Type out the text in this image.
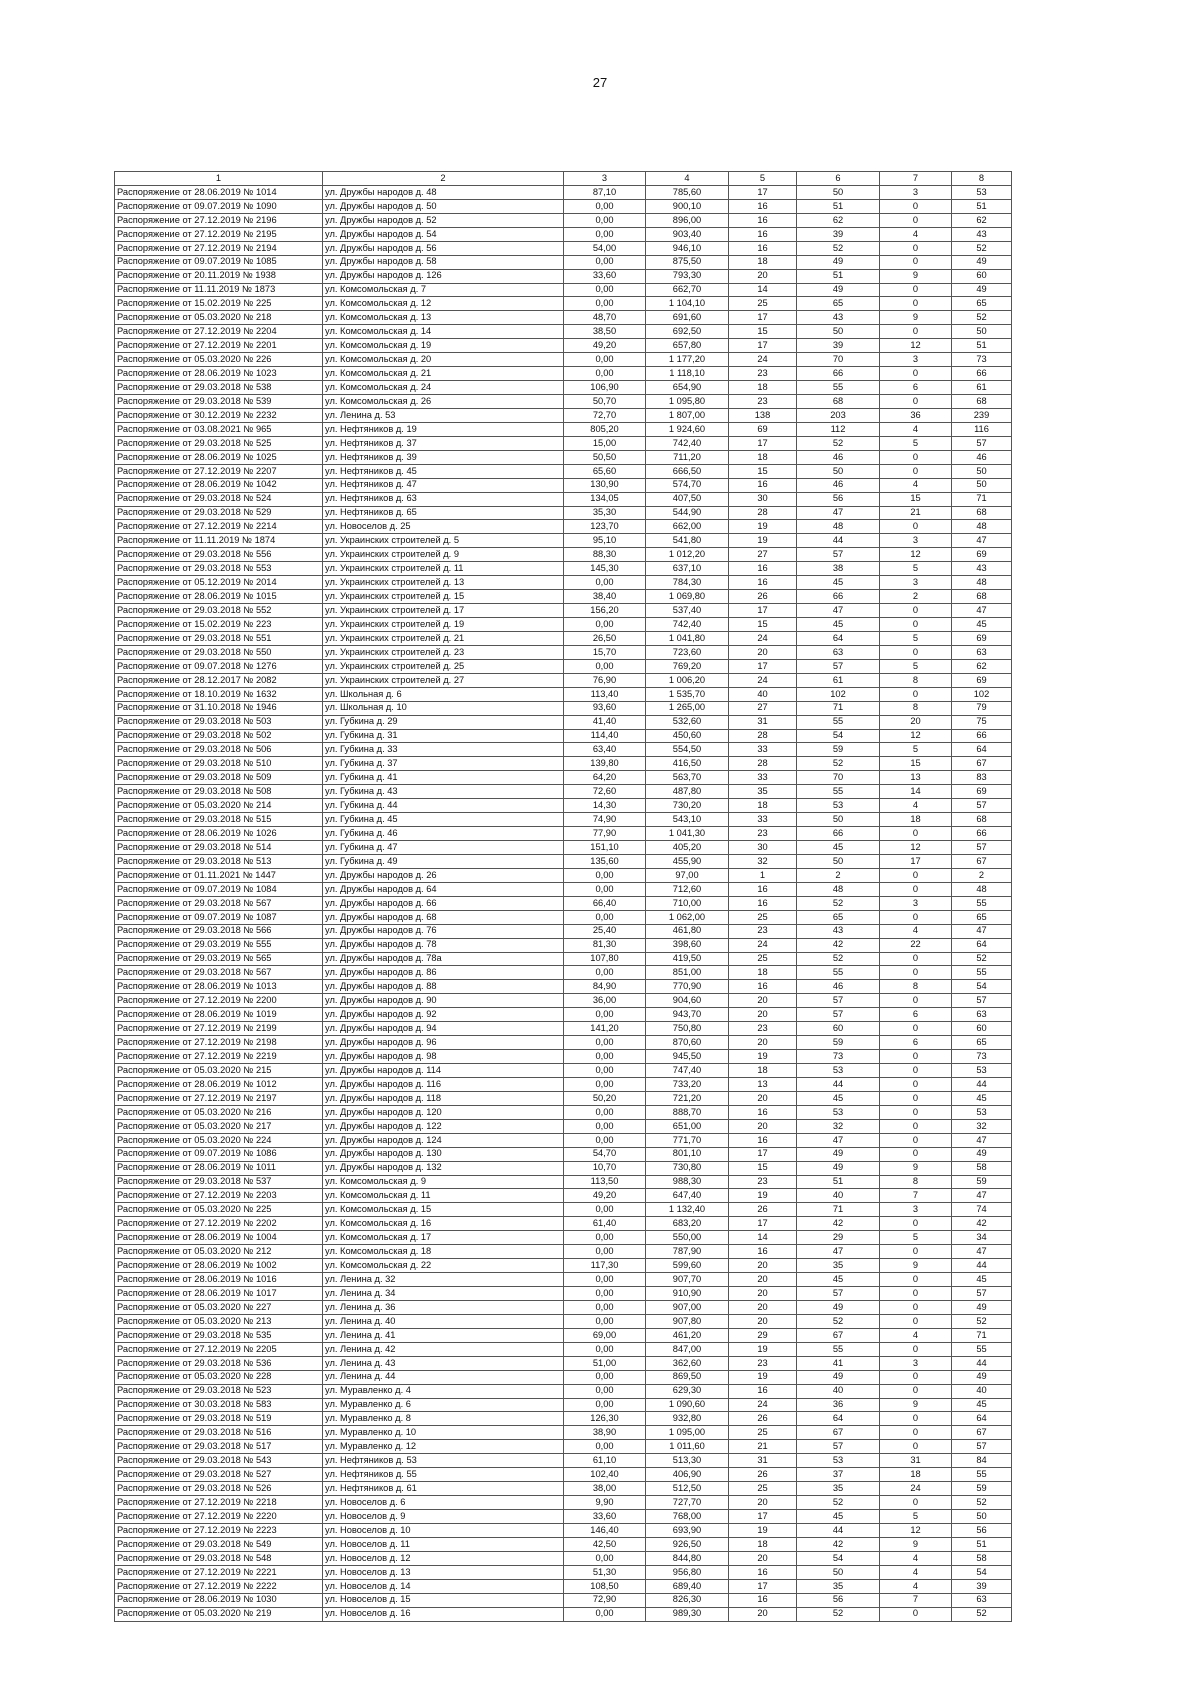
27
1	2	3	4	5	6	7	8
Распоряжение от 28.06.2019 № 1014	ул. Дружбы народов д. 48	87,10	785,60	17	50	3	53
Распоряжение от 09.07.2019 № 1090	ул. Дружбы народов д. 50	0,00	900,10	16	51	0	51
Распоряжение от 27.12.2019 № 2196	ул. Дружбы народов д. 52	0,00	896,00	16	62	0	62
Распоряжение от 27.12.2019 № 2195	ул. Дружбы народов д. 54	0,00	903,40	16	39	4	43
Распоряжение от 27.12.2019 № 2194	ул. Дружбы народов д. 56	54,00	946,10	16	52	0	52
Распоряжение от 09.07.2019 № 1085	ул. Дружбы народов д. 58	0,00	875,50	18	49	0	49
Распоряжение от 20.11.2019 № 1938	ул. Дружбы народов д. 126	33,60	793,30	20	51	9	60
Распоряжение от 11.11.2019 № 1873	ул. Комсомольская д. 7	0,00	662,70	14	49	0	49
Распоряжение от 15.02.2019 № 225	ул. Комсомольская д. 12	0,00	1 104,10	25	65	0	65
Распоряжение от 05.03.2020 № 218	ул. Комсомольская д. 13	48,70	691,60	17	43	9	52
Распоряжение от 27.12.2019 № 2204	ул. Комсомольская д. 14	38,50	692,50	15	50	0	50
Распоряжение от 27.12.2019 № 2201	ул. Комсомольская д. 19	49,20	657,80	17	39	12	51
Распоряжение от 05.03.2020 № 226	ул. Комсомольская д. 20	0,00	1 177,20	24	70	3	73
Распоряжение от 28.06.2019 № 1023	ул. Комсомольская д. 21	0,00	1 118,10	23	66	0	66
Распоряжение от 29.03.2018 № 538	ул. Комсомольская д. 24	106,90	654,90	18	55	6	61
Распоряжение от 29.03.2018 № 539	ул. Комсомольская д. 26	50,70	1 095,80	23	68	0	68
Распоряжение от 30.12.2019 № 2232	ул. Ленина д. 53	72,70	1 807,00	138	203	36	239
Распоряжение от 03.08.2021 № 965	ул. Нефтяников д. 19	805,20	1 924,60	69	112	4	116
Распоряжение от 29.03.2018 № 525	ул. Нефтяников д. 37	15,00	742,40	17	52	5	57
Распоряжение от 28.06.2019 № 1025	ул. Нефтяников д. 39	50,50	711,20	18	46	0	46
Распоряжение от 27.12.2019 № 2207	ул. Нефтяников д. 45	65,60	666,50	15	50	0	50
Распоряжение от 28.06.2019 № 1042	ул. Нефтяников д. 47	130,90	574,70	16	46	4	50
Распоряжение от 29.03.2018 № 524	ул. Нефтяников д. 63	134,05	407,50	30	56	15	71
Распоряжение от 29.03.2018 № 529	ул. Нефтяников д. 65	35,30	544,90	28	47	21	68
Распоряжение от 27.12.2019 № 2214	ул. Новоселов д. 25	123,70	662,00	19	48	0	48
Распоряжение от 11.11.2019 № 1874	ул. Украинских строителей д. 5	95,10	541,80	19	44	3	47
Распоряжение от 29.03.2018 № 556	ул. Украинских строителей д. 9	88,30	1 012,20	27	57	12	69
Распоряжение от 29.03.2018 № 553	ул. Украинских строителей д. 11	145,30	637,10	16	38	5	43
Распоряжение от 05.12.2019 № 2014	ул. Украинских строителей д. 13	0,00	784,30	16	45	3	48
Распоряжение от 28.06.2019 № 1015	ул. Украинских строителей д. 15	38,40	1 069,80	26	66	2	68
Распоряжение от 29.03.2018 № 552	ул. Украинских строителей д. 17	156,20	537,40	17	47	0	47
Распоряжение от 15.02.2019 № 223	ул. Украинских строителей д. 19	0,00	742,40	15	45	0	45
Распоряжение от 29.03.2018 № 551	ул. Украинских строителей д. 21	26,50	1 041,80	24	64	5	69
Распоряжение от 29.03.2018 № 550	ул. Украинских строителей д. 23	15,70	723,60	20	63	0	63
Распоряжение от 09.07.2018 № 1276	ул. Украинских строителей д. 25	0,00	769,20	17	57	5	62
Распоряжение от 28.12.2017 № 2082	ул. Украинских строителей д. 27	76,90	1 006,20	24	61	8	69
Распоряжение от 18.10.2019 № 1632	ул. Школьная д. 6	113,40	1 535,70	40	102	0	102
Распоряжение от 31.10.2018 № 1946	ул. Школьная д. 10	93,60	1 265,00	27	71	8	79
Распоряжение от 29.03.2018 № 503	ул. Губкина д. 29	41,40	532,60	31	55	20	75
Распоряжение от 29.03.2018 № 502	ул. Губкина д. 31	114,40	450,60	28	54	12	66
Распоряжение от 29.03.2018 № 506	ул. Губкина д. 33	63,40	554,50	33	59	5	64
Распоряжение от 29.03.2018 № 510	ул. Губкина д. 37	139,80	416,50	28	52	15	67
Распоряжение от 29.03.2018 № 509	ул. Губкина д. 41	64,20	563,70	33	70	13	83
Распоряжение от 29.03.2018 № 508	ул. Губкина д. 43	72,60	487,80	35	55	14	69
Распоряжение от 05.03.2020 № 214	ул. Губкина д. 44	14,30	730,20	18	53	4	57
Распоряжение от 29.03.2018 № 515	ул. Губкина д. 45	74,90	543,10	33	50	18	68
Распоряжение от 28.06.2019 № 1026	ул. Губкина д. 46	77,90	1 041,30	23	66	0	66
Распоряжение от 29.03.2018 № 514	ул. Губкина д. 47	151,10	405,20	30	45	12	57
Распоряжение от 29.03.2018 № 513	ул. Губкина д. 49	135,60	455,90	32	50	17	67
Распоряжение от 01.11.2021 № 1447	ул. Дружбы народов д. 26	0,00	97,00	1	2	0	2
Распоряжение от 09.07.2019 № 1084	ул. Дружбы народов д. 64	0,00	712,60	16	48	0	48
Распоряжение от 29.03.2018 № 567	ул. Дружбы народов д. 66	66,40	710,00	16	52	3	55
Распоряжение от 09.07.2019 № 1087	ул. Дружбы народов д. 68	0,00	1 062,00	25	65	0	65
Распоряжение от 29.03.2018 № 566	ул. Дружбы народов д. 76	25,40	461,80	23	43	4	47
Распоряжение от 29.03.2019 № 555	ул. Дружбы народов д. 78	81,30	398,60	24	42	22	64
Распоряжение от 29.03.2019 № 565	ул. Дружбы народов д. 78а	107,80	419,50	25	52	0	52
Распоряжение от 29.03.2018 № 567	ул. Дружбы народов д. 86	0,00	851,00	18	55	0	55
Распоряжение от 28.06.2019 № 1013	ул. Дружбы народов д. 88	84,90	770,90	16	46	8	54
Распоряжение от 27.12.2019 № 2200	ул. Дружбы народов д. 90	36,00	904,60	20	57	0	57
Распоряжение от 28.06.2019 № 1019	ул. Дружбы народов д. 92	0,00	943,70	20	57	6	63
Распоряжение от 27.12.2019 № 2199	ул. Дружбы народов д. 94	141,20	750,80	23	60	0	60
Распоряжение от 27.12.2019 № 2198	ул. Дружбы народов д. 96	0,00	870,60	20	59	6	65
Распоряжение от 27.12.2019 № 2219	ул. Дружбы народов д. 98	0,00	945,50	19	73	0	73
Распоряжение от 05.03.2020 № 215	ул. Дружбы народов д. 114	0,00	747,40	18	53	0	53
Распоряжение от 28.06.2019 № 1012	ул. Дружбы народов д. 116	0,00	733,20	13	44	0	44
Распоряжение от 27.12.2019 № 2197	ул. Дружбы народов д. 118	50,20	721,20	20	45	0	45
Распоряжение от 05.03.2020 № 216	ул. Дружбы народов д. 120	0,00	888,70	16	53	0	53
Распоряжение от 05.03.2020 № 217	ул. Дружбы народов д. 122	0,00	651,00	20	32	0	32
Распоряжение от 05.03.2020 № 224	ул. Дружбы народов д. 124	0,00	771,70	16	47	0	47
Распоряжение от 09.07.2019 № 1086	ул. Дружбы народов д. 130	54,70	801,10	17	49	0	49
Распоряжение от 28.06.2019 № 1011	ул. Дружбы народов д. 132	10,70	730,80	15	49	9	58
Распоряжение от 29.03.2018 № 537	ул. Комсомольская д. 9	113,50	988,30	23	51	8	59
Распоряжение от 27.12.2019 № 2203	ул. Комсомольская д. 11	49,20	647,40	19	40	7	47
Распоряжение от 05.03.2020 № 225	ул. Комсомольская д. 15	0,00	1 132,40	26	71	3	74
Распоряжение от 27.12.2019 № 2202	ул. Комсомольская д. 16	61,40	683,20	17	42	0	42
Распоряжение от 28.06.2019 № 1004	ул. Комсомольская д. 17	0,00	550,00	14	29	5	34
Распоряжение от 05.03.2020 № 212	ул. Комсомольская д. 18	0,00	787,90	16	47	0	47
Распоряжение от 28.06.2019 № 1002	ул. Комсомольская д. 22	117,30	599,60	20	35	9	44
Распоряжение от 28.06.2019 № 1016	ул. Ленина д. 32	0,00	907,70	20	45	0	45
Распоряжение от 28.06.2019 № 1017	ул. Ленина д. 34	0,00	910,90	20	57	0	57
Распоряжение от 05.03.2020 № 227	ул. Ленина д. 36	0,00	907,00	20	49	0	49
Распоряжение от 05.03.2020 № 213	ул. Ленина д. 40	0,00	907,80	20	52	0	52
Распоряжение от 29.03.2018 № 535	ул. Ленина д. 41	69,00	461,20	29	67	4	71
Распоряжение от 27.12.2019 № 2205	ул. Ленина д. 42	0,00	847,00	19	55	0	55
Распоряжение от 29.03.2018 № 536	ул. Ленина д. 43	51,00	362,60	23	41	3	44
Распоряжение от 05.03.2020 № 228	ул. Ленина д. 44	0,00	869,50	19	49	0	49
Распоряжение от 29.03.2018 № 523	ул. Муравленко д. 4	0,00	629,30	16	40	0	40
Распоряжение от 30.03.2018 № 583	ул. Муравленко д. 6	0,00	1 090,60	24	36	9	45
Распоряжение от 29.03.2018 № 519	ул. Муравленко д. 8	126,30	932,80	26	64	0	64
Распоряжение от 29.03.2018 № 516	ул. Муравленко д. 10	38,90	1 095,00	25	67	0	67
Распоряжение от 29.03.2018 № 517	ул. Муравленко д. 12	0,00	1 011,60	21	57	0	57
Распоряжение от 29.03.2018 № 543	ул. Нефтяников д. 53	61,10	513,30	31	53	31	84
Распоряжение от 29.03.2018 № 527	ул. Нефтяников д. 55	102,40	406,90	26	37	18	55
Распоряжение от 29.03.2018 № 526	ул. Нефтяников д. 61	38,00	512,50	25	35	24	59
Распоряжение от 27.12.2019 № 2218	ул. Новоселов д. 6	9,90	727,70	20	52	0	52
Распоряжение от 27.12.2019 № 2220	ул. Новоселов д. 9	33,60	768,00	17	45	5	50
Распоряжение от 27.12.2019 № 2223	ул. Новоселов д. 10	146,40	693,90	19	44	12	56
Распоряжение от 29.03.2018 № 549	ул. Новоселов д. 11	42,50	926,50	18	42	9	51
Распоряжение от 29.03.2018 № 548	ул. Новоселов д. 12	0,00	844,80	20	54	4	58
Распоряжение от 27.12.2019 № 2221	ул. Новоселов д. 13	51,30	956,80	16	50	4	54
Распоряжение от 27.12.2019 № 2222	ул. Новоселов д. 14	108,50	689,40	17	35	4	39
Распоряжение от 28.06.2019 № 1030	ул. Новоселов д. 15	72,90	826,30	16	56	7	63
Распоряжение от 05.03.2020 № 219	ул. Новоселов д. 16	0,00	989,30	20	52	0	52
